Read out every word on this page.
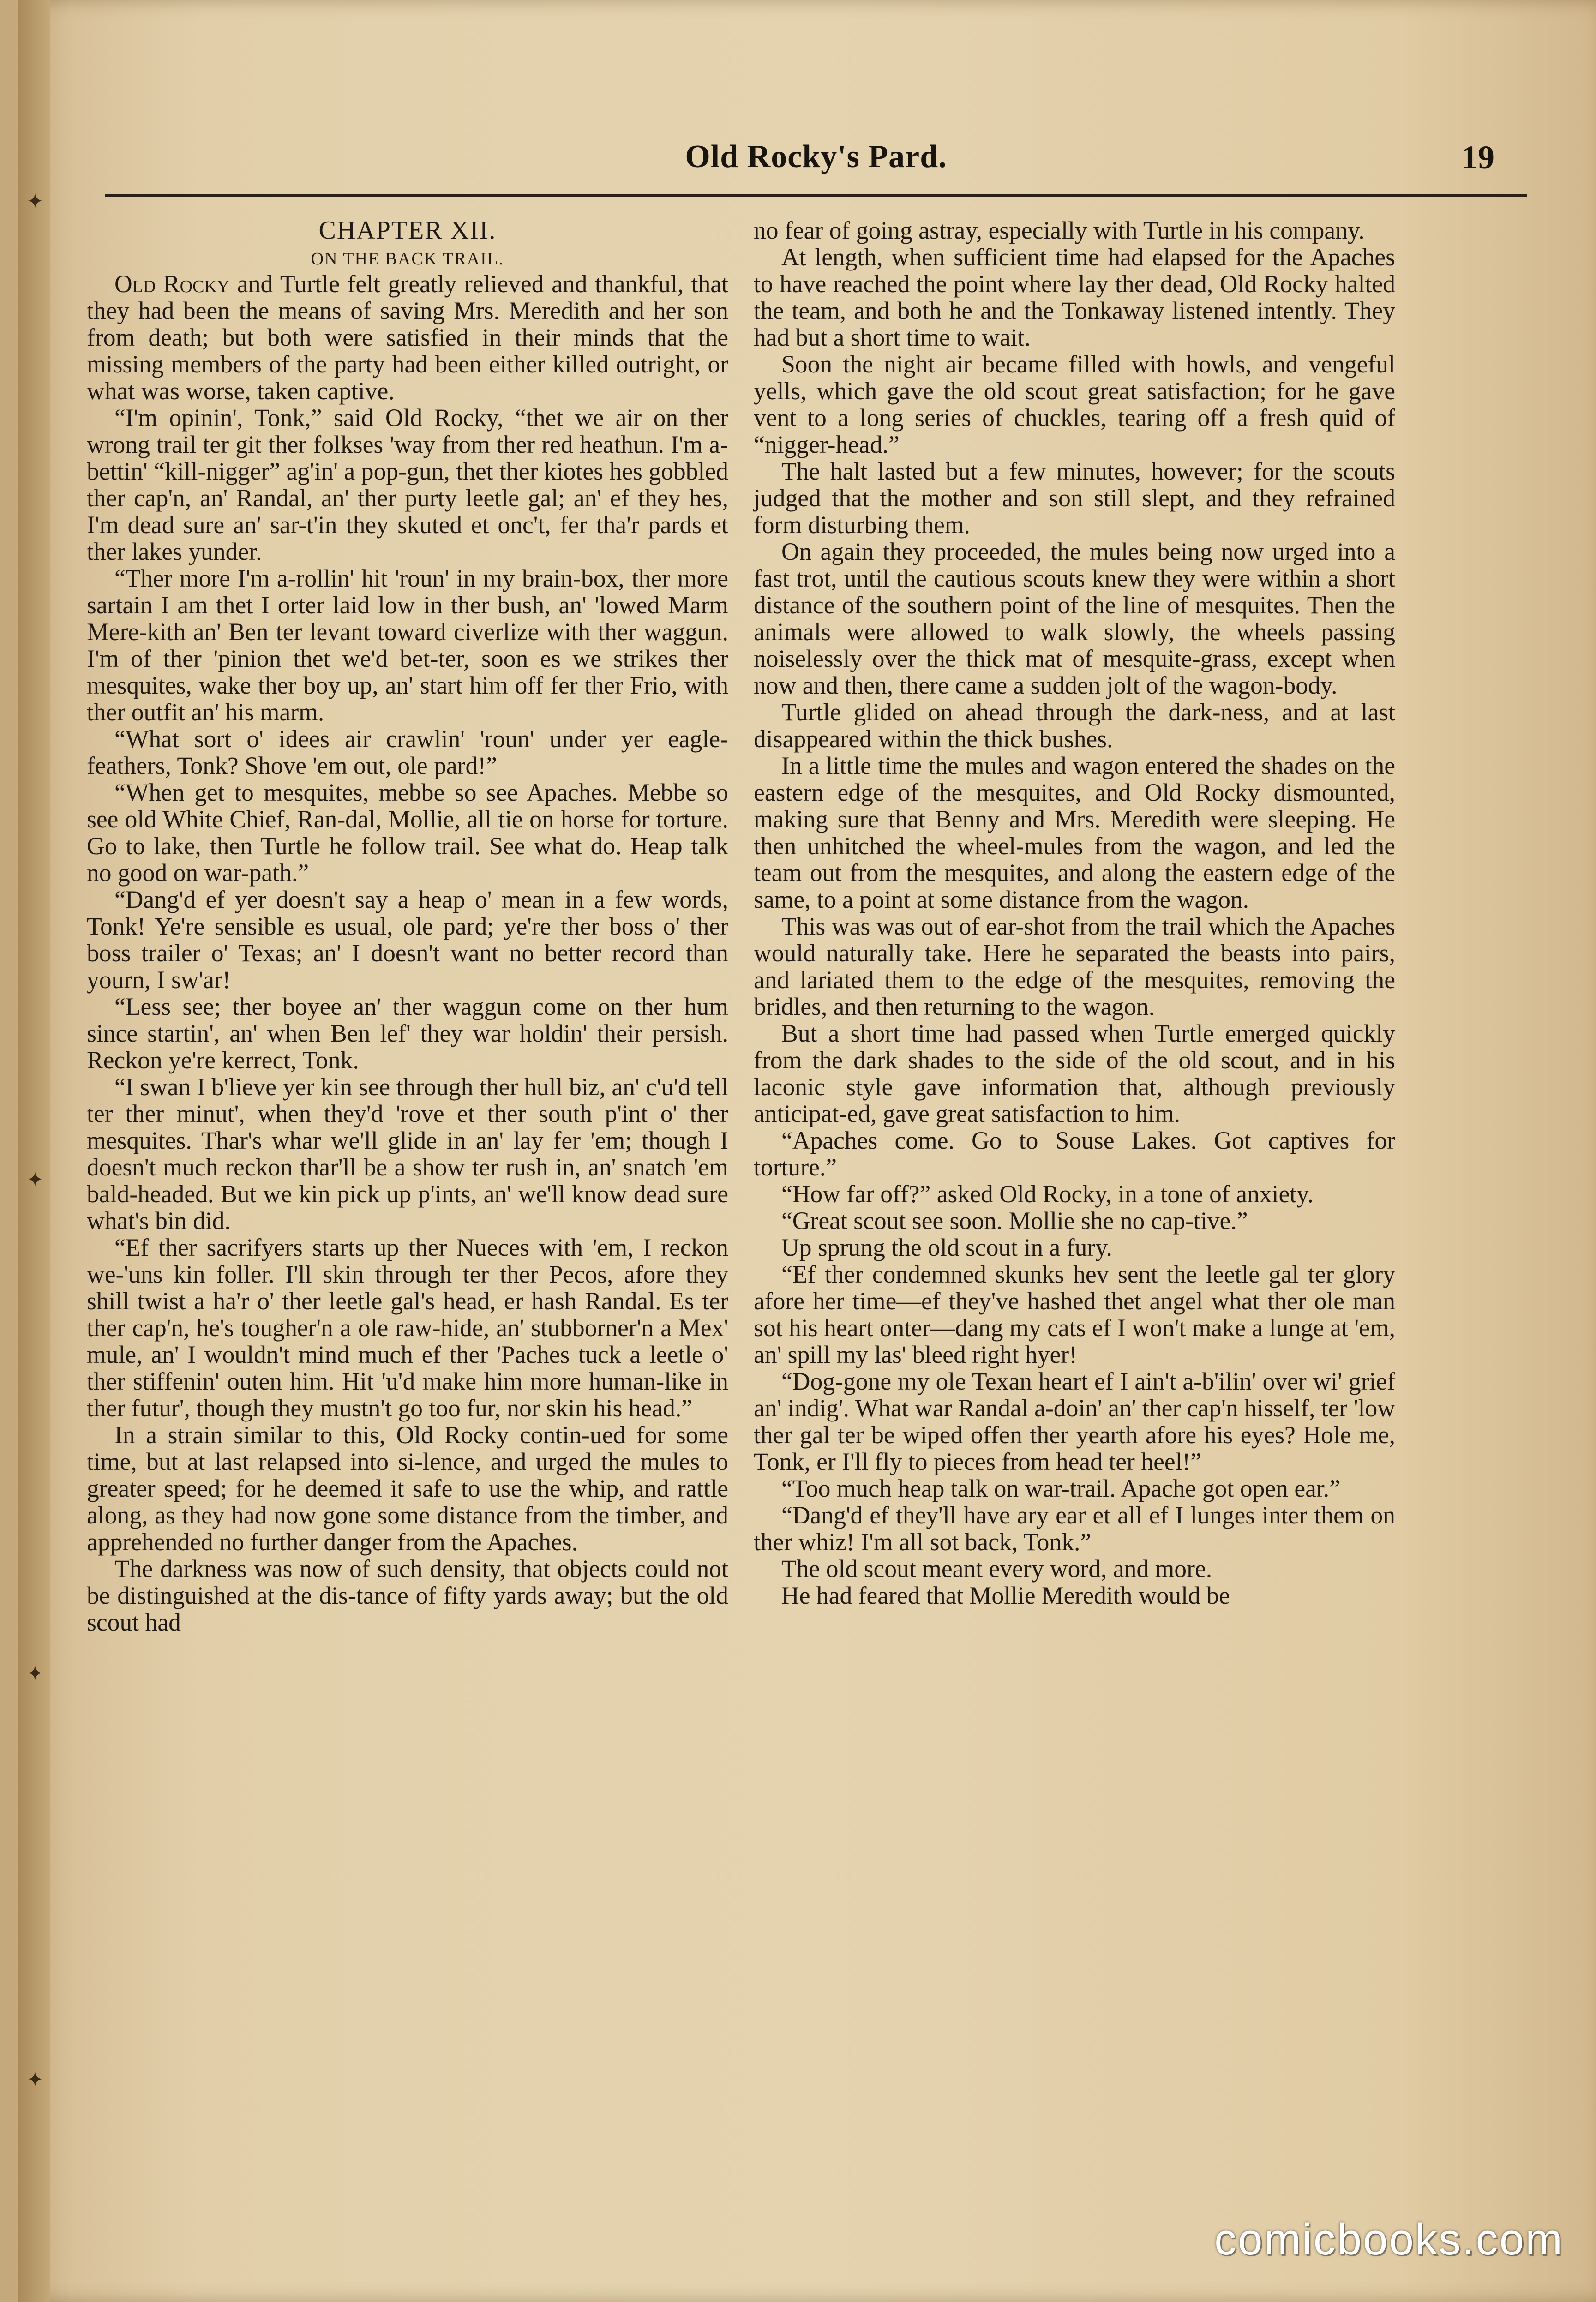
✦
✦
✦
✦
Old Rocky's Pard.	19
CHAPTER XII.
ON THE BACK TRAIL.

Old Rocky and Turtle felt greatly relieved and thankful, that they had been the means of saving Mrs. Meredith and her son from death; but both were satisfied in their minds that the missing members of the party had been either killed outright, or what was worse, taken captive.

“I'm opinin', Tonk,” said Old Rocky, “thet we air on ther wrong trail ter git ther folkses 'way from ther red heathun. I'm a-bettin' “kill-nigger” ag'in' a pop-gun, thet ther kiotes hes gobbled ther cap'n, an' Randal, an' ther purty leetle gal; an' ef they hes, I'm dead sure an' sar-t'in they skuted et onc't, fer tha'r pards et ther lakes yunder.

“Ther more I'm a-rollin' hit 'roun' in my brain-box, ther more sartain I am thet I orter laid low in ther bush, an' 'lowed Marm Mere-kith an' Ben ter levant toward civerlize with ther waggun. I'm of ther 'pinion thet we'd bet-ter, soon es we strikes ther mesquites, wake ther boy up, an' start him off fer ther Frio, with ther outfit an' his marm.

“What sort o' idees air crawlin' 'roun' under yer eagle-feathers, Tonk? Shove 'em out, ole pard!”

“When get to mesquites, mebbe so see Apaches. Mebbe so see old White Chief, Ran-dal, Mollie, all tie on horse for torture. Go to lake, then Turtle he follow trail. See what do. Heap talk no good on war-path.”

“Dang'd ef yer doesn't say a heap o' mean in a few words, Tonk! Ye're sensible es usual, ole pard; ye're ther boss o' ther boss trailer o' Texas; an' I doesn't want no better record than yourn, I sw'ar!

“Less see; ther boyee an' ther waggun come on ther hum since startin', an' when Ben lef' they war holdin' their persish. Reckon ye're kerrect, Tonk.

“I swan I b'lieve yer kin see through ther hull biz, an' c'u'd tell ter ther minut', when they'd 'rove et ther south p'int o' ther mesquites. Thar's whar we'll glide in an' lay fer 'em; though I doesn't much reckon thar'll be a show ter rush in, an' snatch 'em bald-headed. But we kin pick up p'ints, an' we'll know dead sure what's bin did.

“Ef ther sacrifyers starts up ther Nueces with 'em, I reckon we-'uns kin foller. I'll skin through ter ther Pecos, afore they shill twist a ha'r o' ther leetle gal's head, er hash Randal. Es ter ther cap'n, he's tougher'n a ole raw-hide, an' stubborner'n a Mex' mule, an' I wouldn't mind much ef ther 'Paches tuck a leetle o' ther stiffenin' outen him. Hit 'u'd make him more human-like in ther futur', though they mustn't go too fur, nor skin his head.”

In a strain similar to this, Old Rocky contin-ued for some time, but at last relapsed into si-lence, and urged the mules to greater speed; for he deemed it safe to use the whip, and rattle along, as they had now gone some distance from the timber, and apprehended no further danger from the Apaches.

The darkness was now of such density, that objects could not be distinguished at the dis-tance of fifty yards away; but the old scout had

no fear of going astray, especially with Turtle in his company.

At length, when sufficient time had elapsed for the Apaches to have reached the point where lay ther dead, Old Rocky halted the team, and both he and the Tonkaway listened intently. They had but a short time to wait.

Soon the night air became filled with howls, and vengeful yells, which gave the old scout great satisfaction; for he gave vent to a long series of chuckles, tearing off a fresh quid of “nigger-head.”

The halt lasted but a few minutes, however; for the scouts judged that the mother and son still slept, and they refrained form disturbing them.

On again they proceeded, the mules being now urged into a fast trot, until the cautious scouts knew they were within a short distance of the southern point of the line of mesquites. Then the animals were allowed to walk slowly, the wheels passing noiselessly over the thick mat of mesquite-grass, except when now and then, there came a sudden jolt of the wagon-body.

Turtle glided on ahead through the dark-ness, and at last disappeared within the thick bushes.

In a little time the mules and wagon entered the shades on the eastern edge of the mesquites, and Old Rocky dismounted, making sure that Benny and Mrs. Meredith were sleeping. He then unhitched the wheel-mules from the wagon, and led the team out from the mesquites, and along the eastern edge of the same, to a point at some distance from the wagon.

This was was out of ear-shot from the trail which the Apaches would naturally take. Here he separated the beasts into pairs, and lariated them to the edge of the mesquites, removing the bridles, and then returning to the wagon.

But a short time had passed when Turtle emerged quickly from the dark shades to the side of the old scout, and in his laconic style gave information that, although previously anticipat-ed, gave great satisfaction to him.

“Apaches come. Go to Souse Lakes. Got captives for torture.”

“How far off?” asked Old Rocky, in a tone of anxiety.

“Great scout see soon. Mollie she no cap-tive.”

Up sprung the old scout in a fury.

“Ef ther condemned skunks hev sent the leetle gal ter glory afore her time—ef they've hashed thet angel what ther ole man sot his heart onter—dang my cats ef I won't make a lunge at 'em, an' spill my las' bleed right hyer!

“Dog-gone my ole Texan heart ef I ain't a-b'ilin' over wi' grief an' indig'. What war Randal a-doin' an' ther cap'n hisself, ter 'low ther gal ter be wiped offen ther yearth afore his eyes? Hole me, Tonk, er I'll fly to pieces from head ter heel!”

“Too much heap talk on war-trail. Apache got open ear.”

“Dang'd ef they'll have ary ear et all ef I lunges inter them on ther whiz! I'm all sot back, Tonk.”

The old scout meant every word, and more.

He had feared that Mollie Meredith would be

comicbooks.com
